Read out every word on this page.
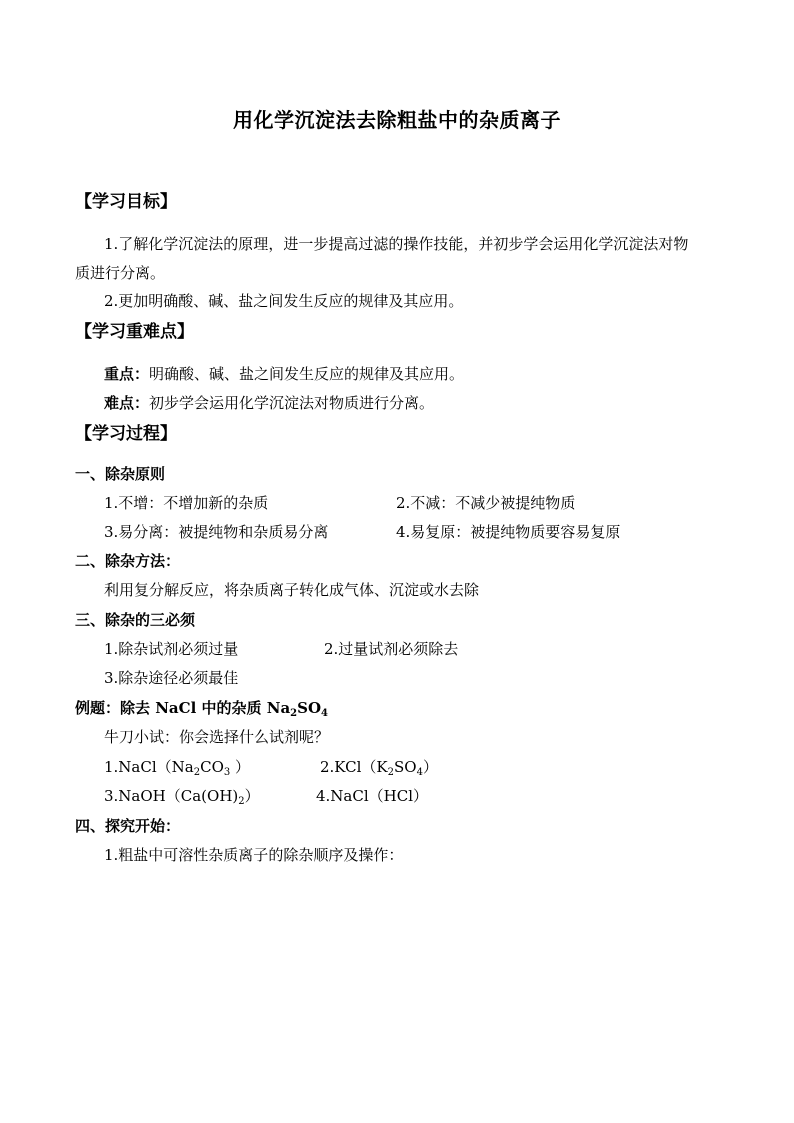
用化学沉淀法去除粗盐中的杂质离子
【学习目标】
1.了解化学沉淀法的原理，进一步提高过滤的操作技能，并初步学会运用化学沉淀法对物
质进行分离。
2.更加明确酸、碱、盐之间发生反应的规律及其应用。
【学习重难点】
重点：明确酸、碱、盐之间发生反应的规律及其应用。
难点：初步学会运用化学沉淀法对物质进行分离。
【学习过程】
一、除杂原则
1.不增：不增加新的杂质	2.不减：不减少被提纯物质
3.易分离：被提纯物和杂质易分离	4.易复原：被提纯物质要容易复原
二、除杂方法：
利用复分解反应，将杂质离子转化成气体、沉淀或水去除
三、除杂的三必须
1.除杂试剂必须过量	2.过量试剂必须除去
3.除杂途径必须最佳
例题：除去 NaCl 中的杂质 $Na_2SO_4$
牛刀小试：你会选择什么试剂呢？
$1.NaCl(Na_2CO_3$ ）	$2.KCl(K_2SO_4)$
$3.NaOH(Ca(OH)_2)$	4.NaCl（HCl）
四、探究开始：
1.粗盐中可溶性杂质离子的除杂顺序及操作：
